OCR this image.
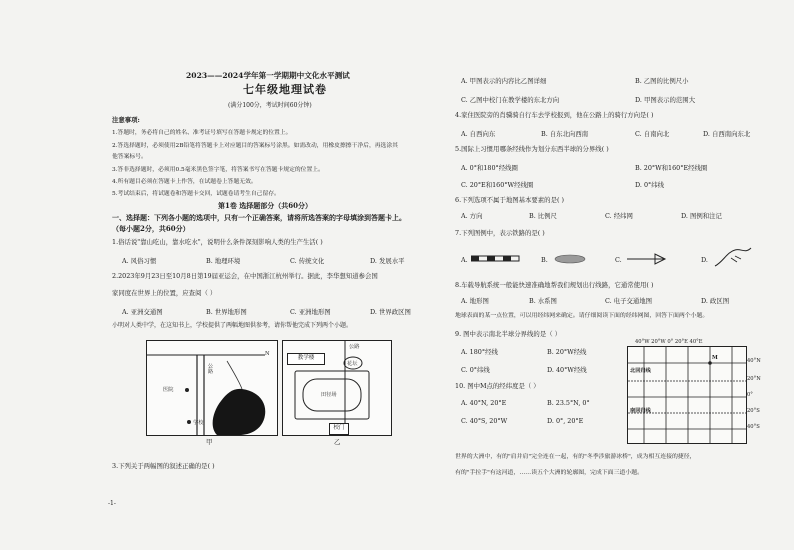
2023——2024学年第一学期期中文化水平测试
七年级地理试卷
(满分100分，考试时间60分钟)
注意事项:
1.答题时，务必将自己的姓名、准考证号填写在答题卡规定的位置上。
2.答选择题时，必须使用2B铅笔将答题卡上对应题目的答案标号涂黑。如需改动，用橡皮擦擦干净后，再选涂其
他答案标号。
3.答非选择题时，必须用0.5毫米黑色签字笔，将答案书写在答题卡规定的位置上。
4.所有题目必须在答题卡上作答，在试题卷上答题无效。
5.考试结束后，将试题卷和答题卡交回，试题卷请考生自己留存。
第1卷 选择题部分（共60分）
一、选择题：下列各小题的选项中，只有一个正确答案，请将所选答案的字母填涂到答题卡上。
（每小题2分，共60分）
1.俗话说"靠山吃山，靠水吃水"，说明什么条件深刻影响人类的生产生活( )
A. 风俗习惯	B. 地理环境	C. 传统文化	D. 发展水平
2.2023年9月23日至10月8日第19届亚运会，在中国浙江杭州举行。据此，李华想知道参会国
家同度在世界上的位置，应查阅（ ）
A. 亚洲交通图	B. 世界地形图	C. 亚洲地形图	D. 世界政区图
小明对人类中学，在这知书上，学校提供了两幅地图供参考，请你帮他完成下列两个小题。
N
公路
医院
学校
甲
教学楼
公路
花坛
田径场
校门
乙
3.下列关于两幅图的叙述正确的是( )
-1-
A. 甲图表示的内容比乙图详细	B. 乙图的比例尺小
C. 乙图中校门在教学楼的东北方向	D. 甲图表示的范围大
4.家住医院旁的肖骥骑自行车去学校报到，他在公路上的骑行方向是( )
A. 自西向东	B. 自东北向西南	C. 自南向北	D. 自西南向东北
5.国际上习惯用哪条经线作为划分东西半球的分界线( )
A. 0°和180°经线圈	B. 20°W和160°E经线圈
C. 20°E和160°W经线圈	D. 0°纬线
6.下列选项不属于地图基本要素的是( )
A. 方向	B. 比例尺	C. 经纬网	D. 图例和注记
7.下列图例中，表示铁路的是( )
A.	B.	C.	D.
8.车载导航系统一般能快速准确地帮我们规划出行线路，它通常使用( )
A. 地形图	B. 水系图	C. 电子交通地图	D. 政区图
地球表面的某一点位置，可以用经纬网来确定。请仔细阅读下面的经纬网图，回答下面两个小题。
9. 图中表示南北半球分界线的是（ ）
A. 180°经线	B. 20°W经线
C. 0°纬线	D. 40°W经线
10. 图中M点的经纬度是（ ）
A. 40°N, 20°E	B. 23.5°N, 0°
C. 40°S, 20°W	D. 0°, 20°E
40°W 20°W 0° 20°E 40°E
北回归线
南回归线
M	40°N
20°N
0°
20°S
40°S
世界的大洲中，有的"肩并肩"完全连在一起，有的"冬季涉旅游冰桥"，成为相互连接的捷径，
有的"手拉手"有这河道，……读五个大洲的轮廓图，完成下面三道小题。
